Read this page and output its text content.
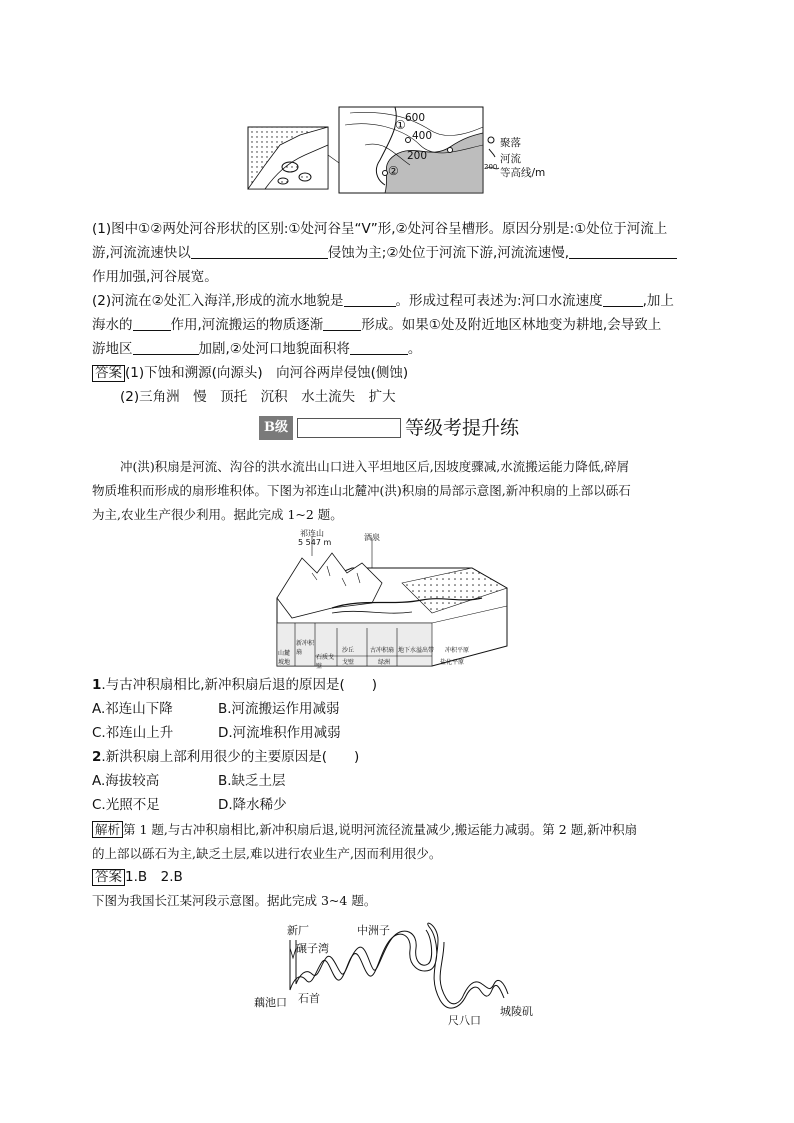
600
400
200
①
②
聚落
河流
200 等高线/m
(1)图中①②两处河谷形状的区别:①处河谷呈“V”形,②处河谷呈槽形。原因分别是:①处位于河流上
游,河流流速快以	侵蚀为主;②处位于河流下游,河流流速慢,
作用加强,河谷展宽。
(2)河流在②处汇入海洋,形成的流水地貌是	。形成过程可表述为:河口水流速度	,加上
海水的	作用,河流搬运的物质逐渐	形成。如果①处及附近地区林地变为耕地,会导致上
游地区	加剧,②处河口地貌面积将	。
答案 (1)下蚀和溯源(向源头)　向河谷两岸侵蚀(侧蚀)
(2)三角洲　慢　顶托　沉积　水土流失　扩大
B级	等级考提升练
冲(洪)积扇是河流、沟谷的洪水流出山口进入平坦地区后,因坡度骤减,水流搬运能力降低,碎屑
物质堆积而形成的扇形堆积体。下图为祁连山北麓冲(洪)积扇的局部示意图,新冲积扇的上部以砾石
为主,农业生产很少利用。据此完成 1~2 题。
祁连山
5 547 m
酒泉
山麓坡地
新冲积扇
石质戈壁
沙丘	古冲积扇 地下水溢出带 冲积平原
戈壁	绿洲	盐化平原
1.与古冲积扇相比,新冲积扇后退的原因是(　　)
A.祁连山下降	B.河流搬运作用减弱
C.祁连山上升	D.河流堆积作用减弱
2.新洪积扇上部利用很少的主要原因是(　　)
A.海拔较高	B.缺乏土层
C.光照不足	D.降水稀少
解析 第 1 题,与古冲积扇相比,新冲积扇后退,说明河流径流量减少,搬运能力减弱。第 2 题,新冲积扇
的上部以砾石为主,缺乏土层,难以进行农业生产,因而利用很少。
答案 1.B　2.B
下图为我国长江某河段示意图。据此完成 3~4 题。
新厂
碾子湾
中洲子
藕池口 石首
尺八口
城陵矶
